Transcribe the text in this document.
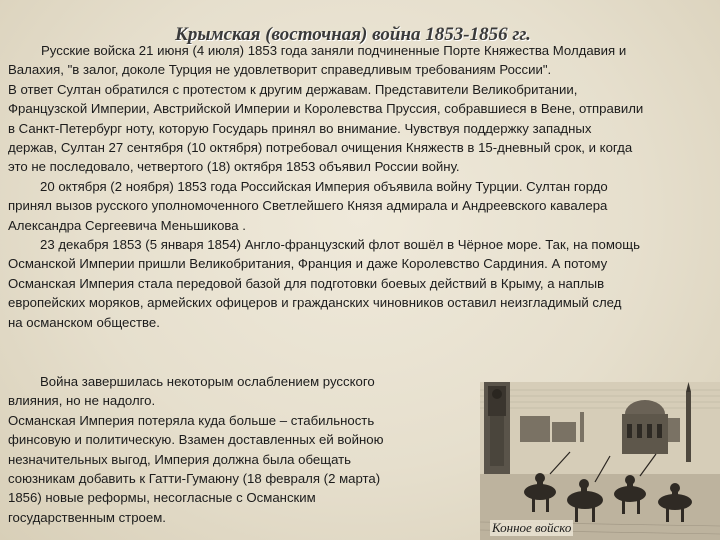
Крымская (восточная) война 1853-1856 гг.

Русские войска 21 июня (4 июля) 1853 года заняли подчиненные Порте Княжества Молдавия и

Валахия, "в залог, доколе Турция не удовлетворит справедливым требованиям России".

В ответ Султан обратился с протестом к другим державам. Представители Великобритании,

Французской Империи, Австрийской Империи и Королевства Пруссия, собравшиеся в Вене, отправили

в Санкт-Петербург ноту, которую Государь принял во внимание. Чувствуя поддержку западных

держав, Султан 27 сентября (10 октября) потребовал очищения Княжеств в 15-дневный срок, и когда

это не последовало, четвертого (18) октября 1853 объявил России войну.

20 октября (2 ноября) 1853 года Российская Империя объявила войну Турции. Султан гордо

принял вызов русского уполномоченного Светлейшего Князя адмирала и Андреевского кавалера

Александра Сергеевича Меньшикова .

23 декабря 1853 (5 января 1854) Англо-французский флот вошёл в Чёрное море. Так, на помощь

Османской Империи пришли Великобритания, Франция и даже Королевство Сардиния. А потому

Османская Империя стала передовой базой для подготовки боевых действий в Крыму, а наплыв

европейских моряков, армейских офицеров и гражданских чиновников оставил неизгладимый след

на османском обществе.

Война завершилась некоторым ослаблением русского

влияния, но не надолго.

Османская Империя потеряла куда больше – стабильность

финсовую и политическую. Взамен доставленных ей войною

незначительных выгод, Империя должна была обещать

союзникам добавить к Гатти-Гумаюну (18 февраля (2 марта)

1856) новые реформы, несогласные с Османским

государственным строем.

Конное войско
